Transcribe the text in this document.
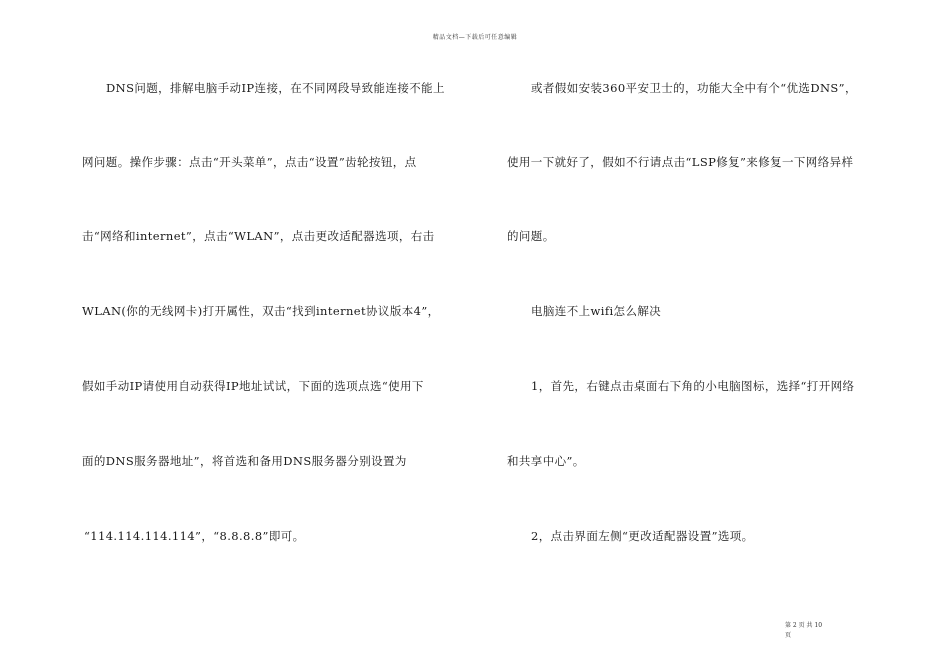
精品文档—下载后可任意编辑
DNS问题，排解电脑手动IP连接，在不同网段导致能连接不能上
网问题。操作步骤：点击“开头菜单”，点击“设置”齿轮按钮，点
击“网络和internet”，点击“WLAN”，点击更改适配器选项，右击
WLAN(你的无线网卡)打开属性，双击“找到internet协议版本4”，
假如手动IP请使用自动获得IP地址试试，下面的选项点选“使用下
面的DNS服务器地址”，将首选和备用DNS服务器分别设置为
“114.114.114.114”，“8.8.8.8”即可。
或者假如安装360平安卫士的，功能大全中有个“优选DNS”，
使用一下就好了，假如不行请点击“LSP修复”来修复一下网络异样
的问题。
电脑连不上wifi怎么解决
1，首先，右键点击桌面右下角的小电脑图标，选择“打开网络
和共享中心”。
2，点击界面左侧“更改适配器设置”选项。
第 2 页 共 10
页
